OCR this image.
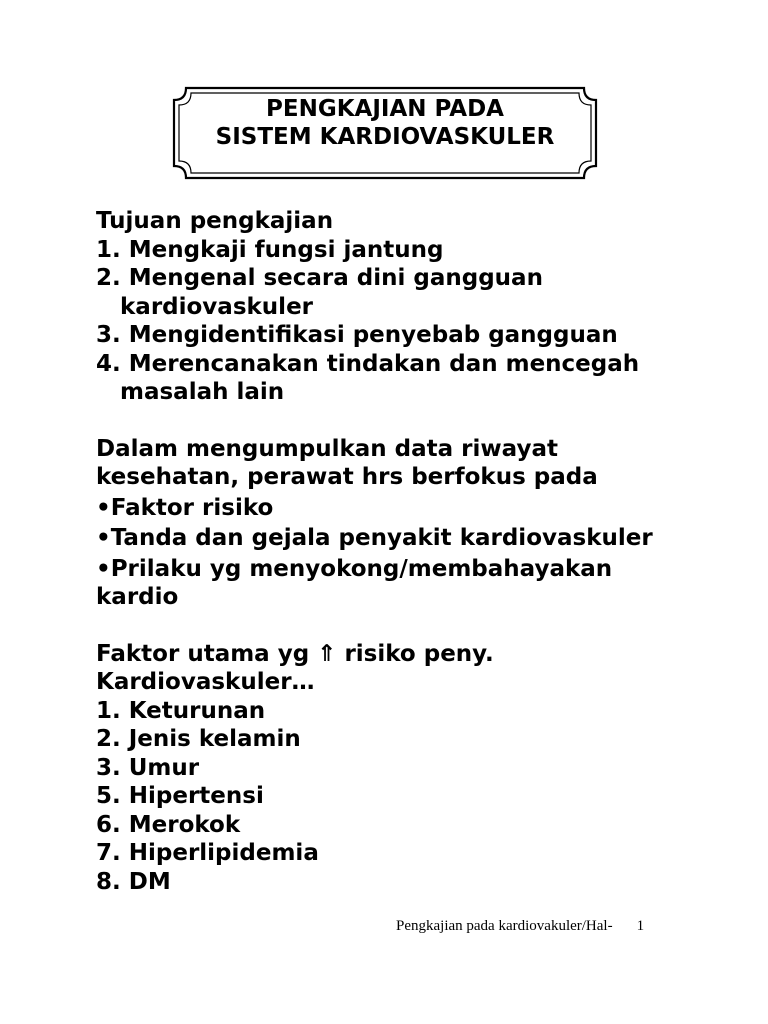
PENGKAJIAN PADA
SISTEM KARDIOVASKULER
Tujuan pengkajian
1. Mengkaji fungsi jantung
2. Mengenal secara dini gangguan
kardiovaskuler
3. Mengidentifikasi penyebab gangguan
4. Merencanakan tindakan dan mencegah
masalah lain
Dalam mengumpulkan data riwayat
kesehatan, perawat hrs berfokus pada
•Faktor risiko
•Tanda dan gejala penyakit kardiovaskuler
•Prilaku yg menyokong/membahayakan
kardio
Faktor utama yg ⇑ risiko peny.
Kardiovaskuler…
1. Keturunan
2. Jenis kelamin
3. Umur
5. Hipertensi
6. Merokok
7. Hiperlipidemia
8. DM
Pengkajian pada kardiovakuler/Hal- 1
